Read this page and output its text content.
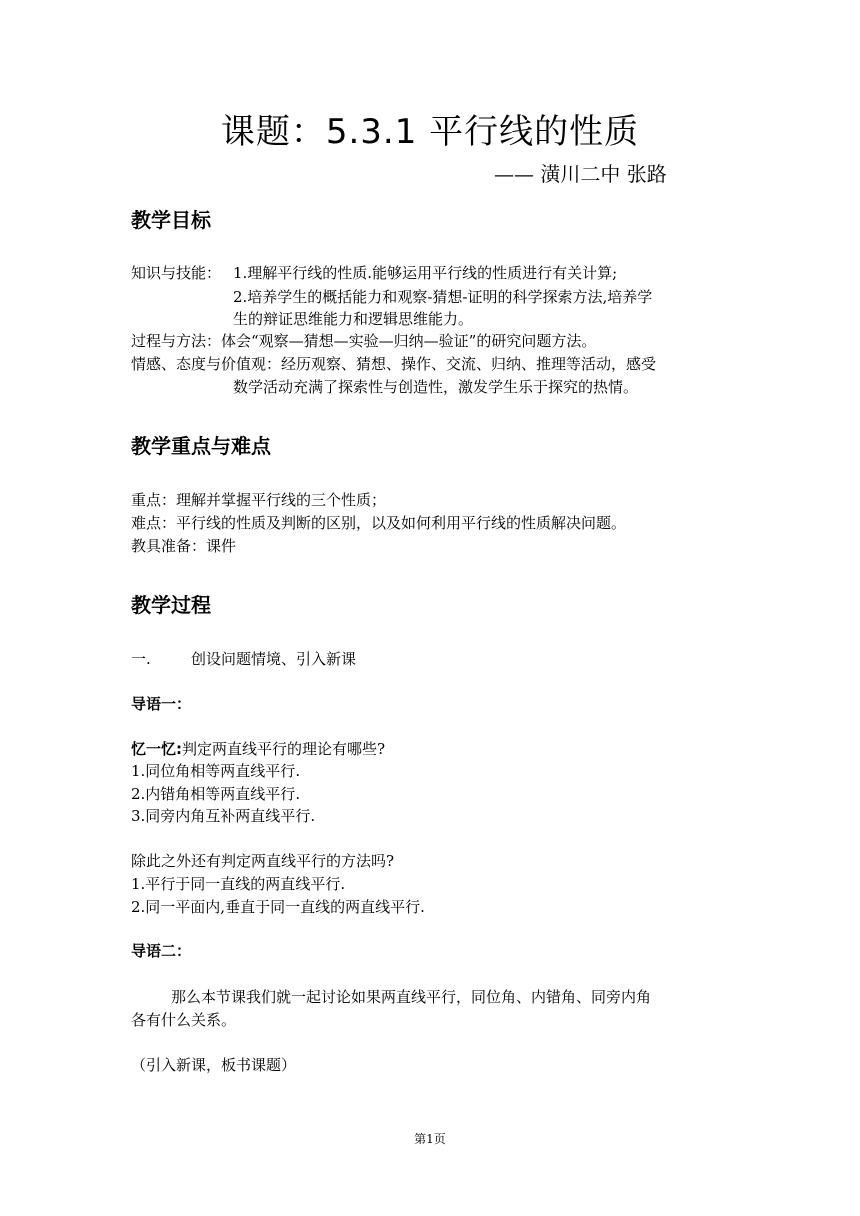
课题：5.3.1 平行线的性质
—— 潢川二中 张路
教学目标
知识与技能： 1.理解平行线的性质.能够运用平行线的性质进行有关计算;
2.培养学生的概括能力和观察-猜想-证明的科学探索方法,培养学
生的辩证思维能力和逻辑思维能力。
过程与方法：体会“观察—猜想—实验—归纳—验证”的研究问题方法。
情感、态度与价值观：经历观察、猜想、操作、交流、归纳、推理等活动，感受
数学活动充满了探索性与创造性，激发学生乐于探究的热情。
教学重点与难点
重点：理解并掌握平行线的三个性质；
难点：平行线的性质及判断的区别，以及如何利用平行线的性质解决问题。
教具准备：课件
教学过程
一.	创设问题情境、引入新课
导语一：
忆一忆:判定两直线平行的理论有哪些?
1.同位角相等两直线平行.
2.内错角相等两直线平行.
3.同旁内角互补两直线平行.
除此之外还有判定两直线平行的方法吗?
1.平行于同一直线的两直线平行.
2.同一平面内,垂直于同一直线的两直线平行.
导语二：
那么本节课我们就一起讨论如果两直线平行，同位角、内错角、同旁内角
各有什么关系。
（引入新课，板书课题）
第1页
